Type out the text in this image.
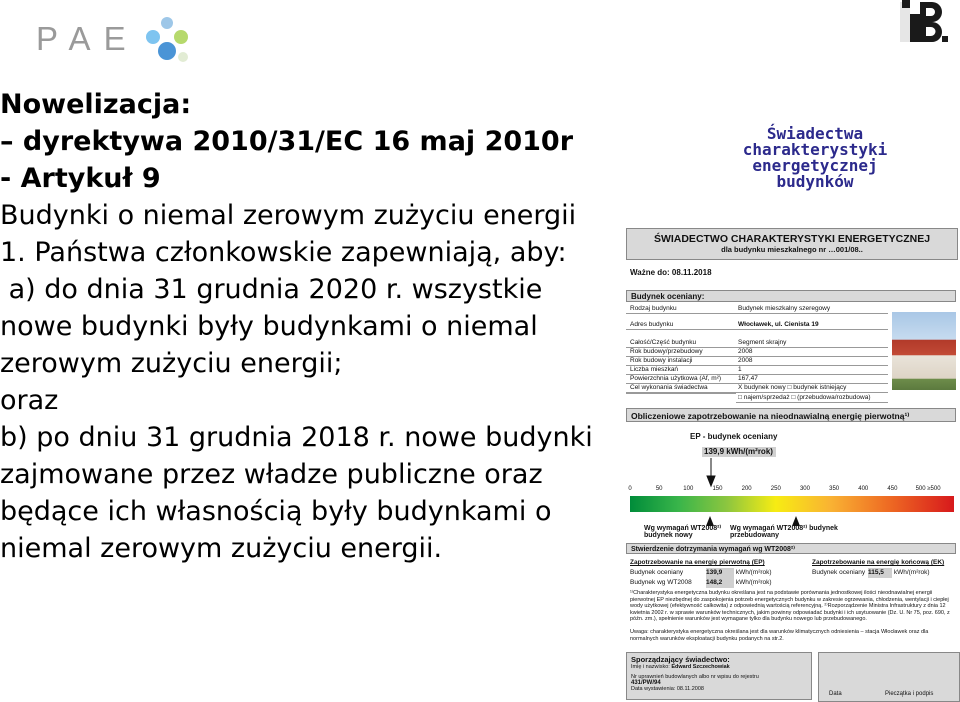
PAE

Nowelizacja:

– dyrektywa 2010/31/EC 16 maj 2010r

- Artykuł 9

Budynki o niemal zerowym zużyciu energii

1. Państwa członkowskie zapewniają, aby:

a) do dnia 31 grudnia 2020 r. wszystkie nowe budynki były budynkami o niemal zerowym zużyciu energii;

oraz

b) po dniu 31 grudnia 2018 r. nowe budynki zajmowane przez władze publiczne oraz będące ich własnością były budynkami o niemal zerowym zużyciu energii.

Świadectwa
charakterystyki
energetycznej
budynków
ŚWIADECTWO CHARAKTERYSTYKI ENERGETYCZNEJ
dla budynku mieszkalnego nr …001/08..
Ważne do: 08.11.2018
Budynek oceniany:
Rodzaj budynku	Budynek mieszkalny szeregowy
Adres budynku	Włocławek, ul. Cienista 19
Całość/Część budynku	Segment skrajny
Rok budowy/przebudowy	2008
Rok budowy instalacji	2008
Liczba mieszkań	1
Powierzchnia użytkowa (Af, m²)	167,47
Cel wykonania świadectwa	X budynek nowy □ budynek istniejący
□ najem/sprzedaż □ (przebudowa/rozbudowa)
Obliczeniowe zapotrzebowanie na nieodnawialną energię pierwotną¹⁾
EP - budynek oceniany
139,9 kWh/(m²rok)
0	50	100	150	200	250	300	350	400	450	500 ≥500
Wg wymagań WT2008²⁾ budynek nowy
Wg wymagań WT2008²⁾ budynek przebudowany
Stwierdzenie dotrzymania wymagań wg WT2008²⁾
Zapotrzebowanie na energię pierwotną (EP)
Budynek oceniany	139,9 kWh/(m²rok)
Budynek wg WT2008 148,2 kWh/(m²rok)
Zapotrzebowanie na energię końcową (EK)
Budynek oceniany 115,5 kWh/(m²rok)
¹⁾Charakterystyka energetyczna budynku określana jest na podstawie porównania jednostkowej ilości nieodnawialnej energii pierwotnej EP niezbędnej do zaspokojenia potrzeb energetycznych budynku w zakresie ogrzewania, chłodzenia, wentylacji i ciepłej wody użytkowej (efektywność całkowita) z odpowiednią wartością referencyjną. ²⁾Rozporządzenie Ministra Infrastruktury z dnia 12 kwietnia 2002 r. w sprawie warunków technicznych, jakim powinny odpowiadać budynki i ich usytuowanie (Dz. U. Nr 75, poz. 690, z późn. zm.), spełnienie warunków jest wymagane tylko dla budynku nowego lub przebudowanego.
Uwaga: charakterystyka energetyczna określana jest dla warunków klimatycznych odniesienia – stacja Włocławek oraz dla normalnych warunków eksploatacji budynku podanych na str.2.
Sporządzający świadectwo:
Imię i nazwisko: Edward Szczechowiak
Nr uprawnień budowlanych albo nr wpisu do rejestru
431/PW/94
Data wystawienia: 08.11.2008
Data	Pieczątka i podpis
